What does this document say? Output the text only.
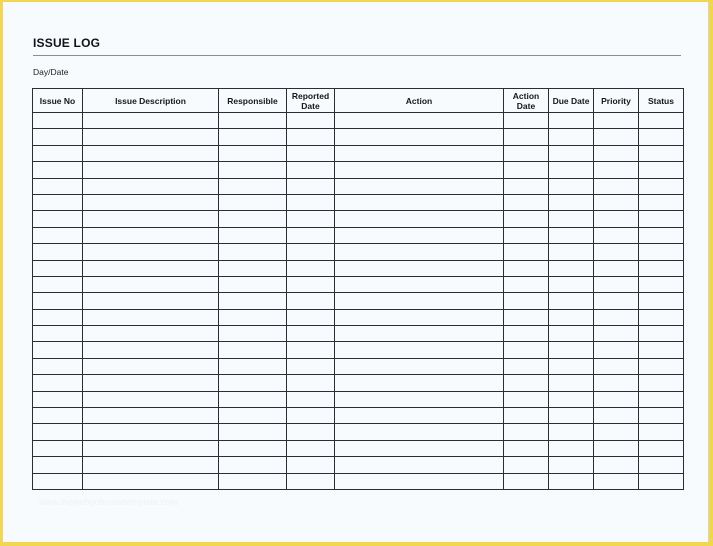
ISSUE LOG
Day/Date
Issue No	Issue Description	Responsible	Reported Date	Action	Action Date	Due Date	Priority	Status

www.thewebpotentialtemplate.com
